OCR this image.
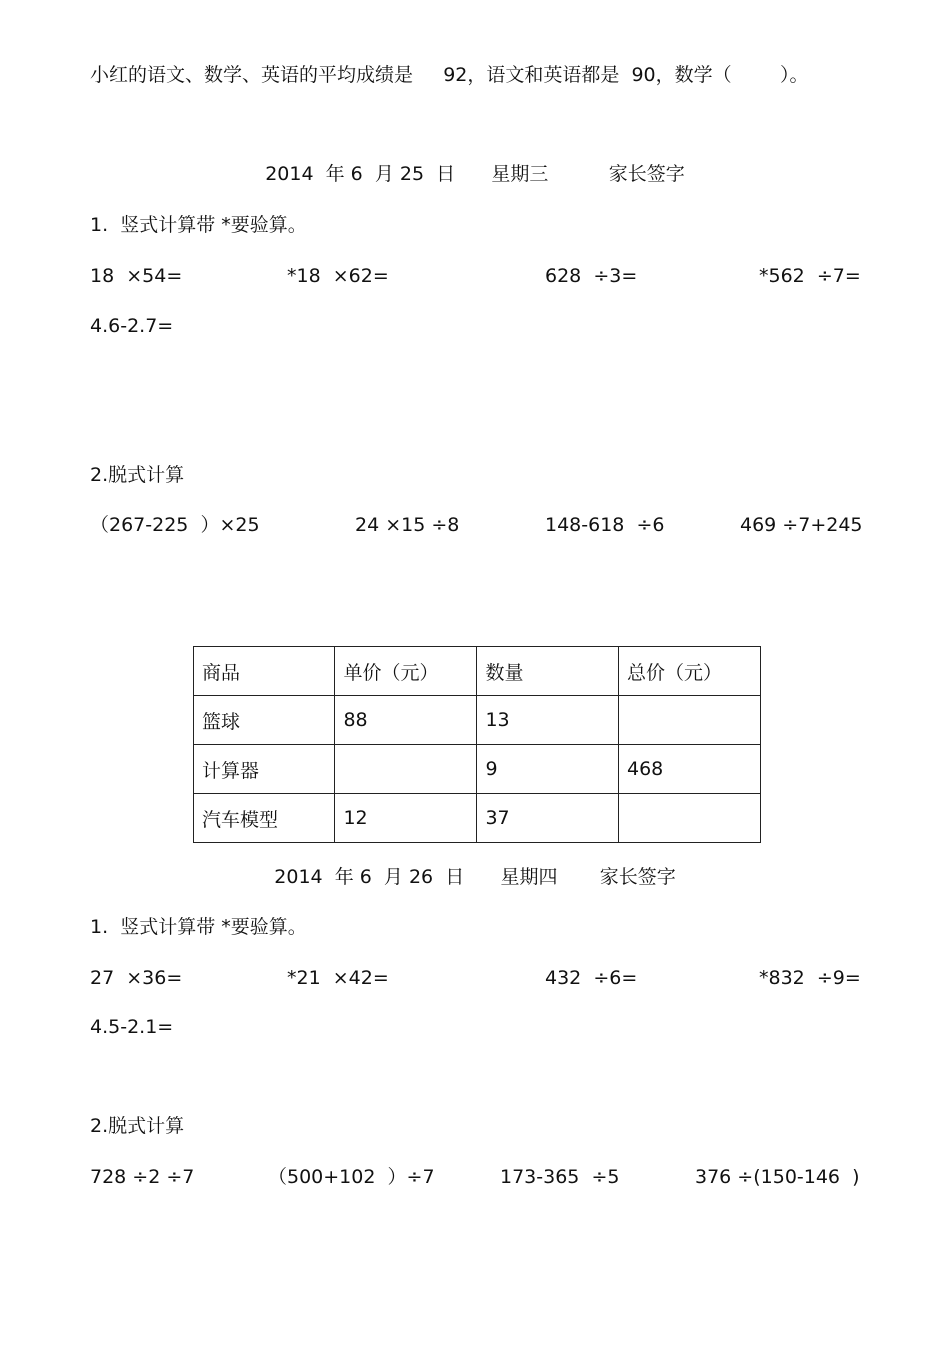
小红的语文、数学、英语的平均成绩是     92，语文和英语都是  90，数学（        ）。
2014  年 6  月 25  日      星期三          家长签字
1.  竖式计算带 *要验算。
18  ×54=	*18  ×62=	628  ÷3=	*562  ÷7=
4.6-2.7=
2.脱式计算
（267-225  ）×25	24 ×15 ÷8	148-618  ÷6	469 ÷7+245
商品	单价（元）	数量	总价（元）
篮球	88	13	
计算器		9	468
汽车模型	12	37	
2014  年 6  月 26  日      星期四       家长签字
1.  竖式计算带 *要验算。
27  ×36=	*21  ×42=	432  ÷6=	*832  ÷9=
4.5-2.1=
2.脱式计算
728 ÷2 ÷7	（500+102  ）÷7	173-365  ÷5	376 ÷(150-146  )
